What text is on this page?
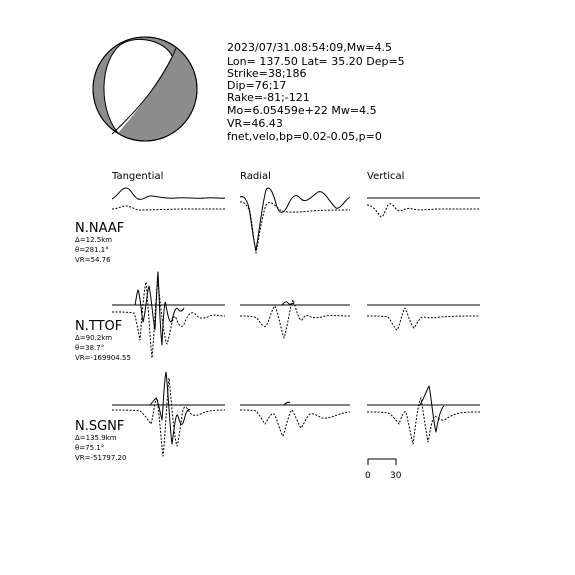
2023/07/31.08:54:09,Mw=4.5
Lon= 137.50 Lat= 35.20 Dep=5
Strike=38;186
Dip=76;17
Rake=-81;-121
Mo=6.05459e+22 Mw=4.5
VR=46.43
fnet,velo,bp=0.02-0.05,p=0
Tangential	Radial	Vertical
N.NAAF
Δ=12.5km
θ=281.1°
VR=54.76
N.TTOF
Δ=90.2km
θ=38.7°
VR=-169904.55
N.SGNF
Δ=135.9km
θ=75.1°
VR=-51797.20
0 30
